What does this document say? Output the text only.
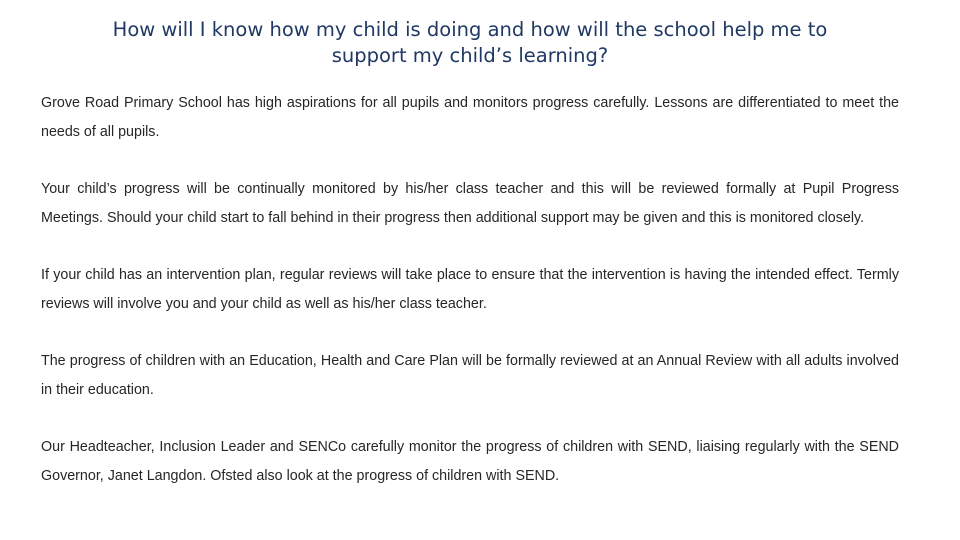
How will I know how my child is doing and how will the school help me to
support my child’s learning?

Grove Road Primary School has high aspirations for all pupils and monitors progress carefully. Lessons are differentiated to meet the needs of all pupils.

Your child’s progress will be continually monitored by his/her class teacher and this will be reviewed formally at Pupil Progress Meetings. Should your child start to fall behind in their progress then additional support may be given and this is monitored closely.

If your child has an intervention plan, regular reviews will take place to ensure that the intervention is having the intended effect. Termly reviews will involve you and your child as well as his/her class teacher.

The progress of children with an Education, Health and Care Plan will be formally reviewed at an Annual Review with all adults involved in their education.

Our Headteacher, Inclusion Leader and SENCo carefully monitor the progress of children with SEND, liaising regularly with the SEND Governor, Janet Langdon. Ofsted also look at the progress of children with SEND.
